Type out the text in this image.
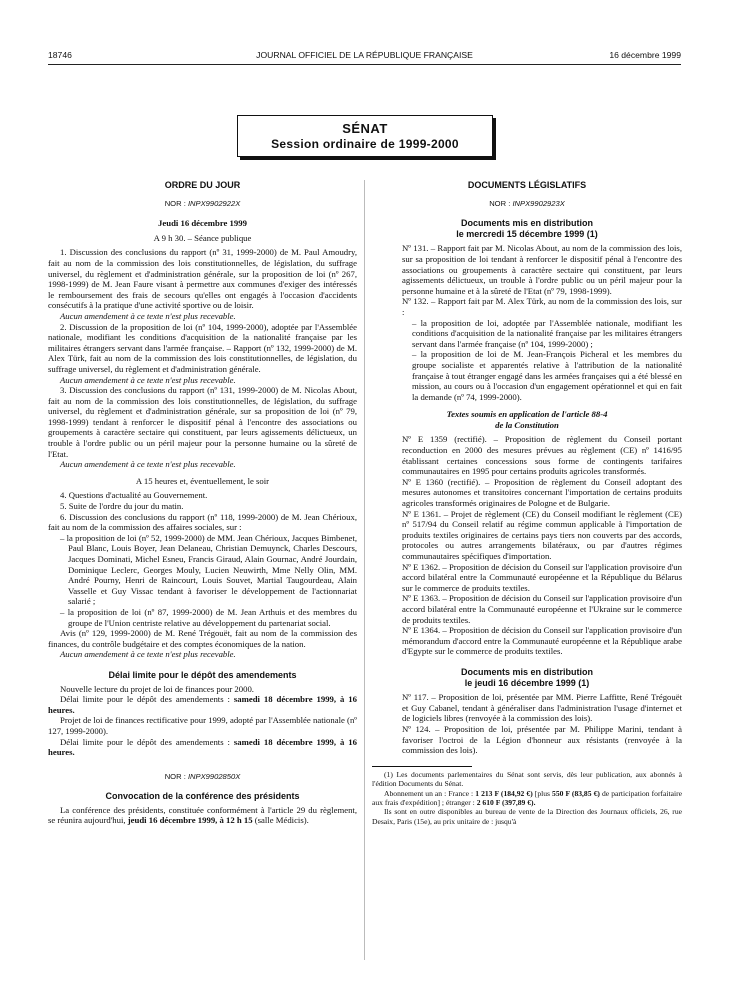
18746	JOURNAL OFFICIEL DE LA RÉPUBLIQUE FRANÇAISE	16 décembre 1999
SÉNAT
Session ordinaire de 1999-2000
ORDRE DU JOUR
NOR : INPX9902922X
Jeudi 16 décembre 1999
A 9 h 30. – Séance publique

1. Discussion des conclusions du rapport (nº 31, 1999-2000) de M. Paul Amoudry, fait au nom de la commission des lois constitutionnelles, de législation, du suffrage universel, du règlement et d'administration générale, sur la proposition de loi (nº 267, 1998-1999) de M. Jean Faure visant à permettre aux communes d'exiger des intéressés le remboursement des frais de secours qu'elles ont engagés à l'occasion d'accidents consécutifs à la pratique d'une activité sportive ou de loisir.

Aucun amendement à ce texte n'est plus recevable.

2. Discussion de la proposition de loi (nº 104, 1999-2000), adoptée par l'Assemblée nationale, modifiant les conditions d'acquisition de la nationalité française par les militaires étrangers servant dans l'armée française. – Rapport (nº 132, 1999-2000) de M. Alex Türk, fait au nom de la commission des lois constitutionnelles, de législation, du suffrage universel, du règlement et d'administration générale.

Aucun amendement à ce texte n'est plus recevable.

3. Discussion des conclusions du rapport (nº 131, 1999-2000) de M. Nicolas About, fait au nom de la commission des lois constitutionnelles, de législation, du suffrage universel, du règlement et d'administration générale, sur sa proposition de loi (nº 79, 1998-1999) tendant à renforcer le dispositif pénal à l'encontre des associations ou groupements à caractère sectaire qui constituent, par leurs agissements délictueux, un trouble à l'ordre public ou un péril majeur pour la personne humaine ou la sûreté de l'Etat.

Aucun amendement à ce texte n'est plus recevable.

A 15 heures et, éventuellement, le soir

4. Questions d'actualité au Gouvernement.

5. Suite de l'ordre du jour du matin.

6. Discussion des conclusions du rapport (nº 118, 1999-2000) de M. Jean Chérioux, fait au nom de la commission des affaires sociales, sur :

– la proposition de loi (nº 52, 1999-2000) de MM. Jean Chérioux, Jacques Bimbenet, Paul Blanc, Louis Boyer, Jean Delaneau, Christian Demuynck, Charles Descours, Jacques Dominati, Michel Esneu, Francis Giraud, Alain Gournac, André Jourdain, Dominique Leclerc, Georges Mouly, Lucien Neuwirth, Mme Nelly Olin, MM. André Pourny, Henri de Raincourt, Louis Souvet, Martial Taugourdeau, Alain Vasselle et Guy Vissac tendant à favoriser le développement de l'actionnariat salarié ;

– la proposition de loi (nº 87, 1999-2000) de M. Jean Arthuis et des membres du groupe de l'Union centriste relative au développement du partenariat social.

Avis (nº 129, 1999-2000) de M. René Trégouët, fait au nom de la commission des finances, du contrôle budgétaire et des comptes économiques de la nation.

Aucun amendement à ce texte n'est plus recevable.

Délai limite pour le dépôt des amendements

Nouvelle lecture du projet de loi de finances pour 2000.

Délai limite pour le dépôt des amendements : samedi 18 décembre 1999, à 16 heures.

Projet de loi de finances rectificative pour 1999, adopté par l'Assemblée nationale (nº 127, 1999-2000).

Délai limite pour le dépôt des amendements : samedi 18 décembre 1999, à 16 heures.

NOR : INPX9902850X
Convocation de la conférence des présidents

La conférence des présidents, constituée conformément à l'article 29 du règlement, se réunira aujourd'hui, jeudi 16 décembre 1999, à 12 h 15 (salle Médicis).

DOCUMENTS LÉGISLATIFS
NOR : INPX9902923X
Documents mis en distribution
le mercredi 15 décembre 1999 (1)

Nº 131. – Rapport fait par M. Nicolas About, au nom de la commission des lois, sur sa proposition de loi tendant à renforcer le dispositif pénal à l'encontre des associations ou groupements à caractère sectaire qui constituent, par leurs agissements délictueux, un trouble à l'ordre public ou un péril majeur pour la personne humaine et à la sûreté de l'Etat (nº 79, 1998-1999).

Nº 132. – Rapport fait par M. Alex Türk, au nom de la commission des lois, sur :

– la proposition de loi, adoptée par l'Assemblée nationale, modifiant les conditions d'acquisition de la nationalité française par les militaires étrangers servant dans l'armée française (nº 104, 1999-2000) ;

– la proposition de loi de M. Jean-François Picheral et les membres du groupe socialiste et apparentés relative à l'attribution de la nationalité française à tout étranger engagé dans les armées françaises qui a été blessé en mission, au cours ou à l'occasion d'un engagement opérationnel et qui en fait la demande (nº 74, 1999-2000).

Textes soumis en application de l'article 88-4
de la Constitution

Nº E 1359 (rectifié). – Proposition de règlement du Conseil portant reconduction en 2000 des mesures prévues au règlement (CE) nº 1416/95 établissant certaines concessions sous forme de contingents tarifaires communautaires en 1995 pour certains produits agricoles transformés.

Nº E 1360 (rectifié). – Proposition de règlement du Conseil adoptant des mesures autonomes et transitoires concernant l'importation de certains produits agricoles transformés originaires de Pologne et de Bulgarie.

Nº E 1361. – Projet de règlement (CE) du Conseil modifiant le règlement (CE) nº 517/94 du Conseil relatif au régime commun applicable à l'importation de produits textiles originaires de certains pays tiers non couverts par des accords, protocoles ou autres arrangements bilatéraux, ou par d'autres régimes communautaires spécifiques d'importation.

Nº E 1362. – Proposition de décision du Conseil sur l'application provisoire d'un accord bilatéral entre la Communauté européenne et la République du Bélarus sur le commerce de produits textiles.

Nº E 1363. – Proposition de décision du Conseil sur l'application provisoire d'un accord bilatéral entre la Communauté européenne et l'Ukraine sur le commerce de produits textiles.

Nº E 1364. – Proposition de décision du Conseil sur l'application provisoire d'un mémorandum d'accord entre la Communauté européenne et la République arabe d'Egypte sur le commerce de produits textiles.

Documents mis en distribution
le jeudi 16 décembre 1999 (1)

Nº 117. – Proposition de loi, présentée par MM. Pierre Laffitte, René Trégouët et Guy Cabanel, tendant à généraliser dans l'administration l'usage d'internet et de logiciels libres (renvoyée à la commission des lois).

Nº 124. – Proposition de loi, présentée par M. Philippe Marini, tendant à favoriser l'octroi de la Légion d'honneur aux résistants (renvoyée à la commission des lois).

(1) Les documents parlementaires du Sénat sont servis, dès leur publication, aux abonnés à l'édition Documents du Sénat.

Abonnement un an : France : 1 213 F (184,92 €) [plus 550 F (83,85 €) de participation forfaitaire aux frais d'expédition] ; étranger : 2 610 F (397,89 €).

Ils sont en outre disponibles au bureau de vente de la Direction des Journaux officiels, 26, rue Desaix, Paris (15e), au prix unitaire de : jusqu'à
